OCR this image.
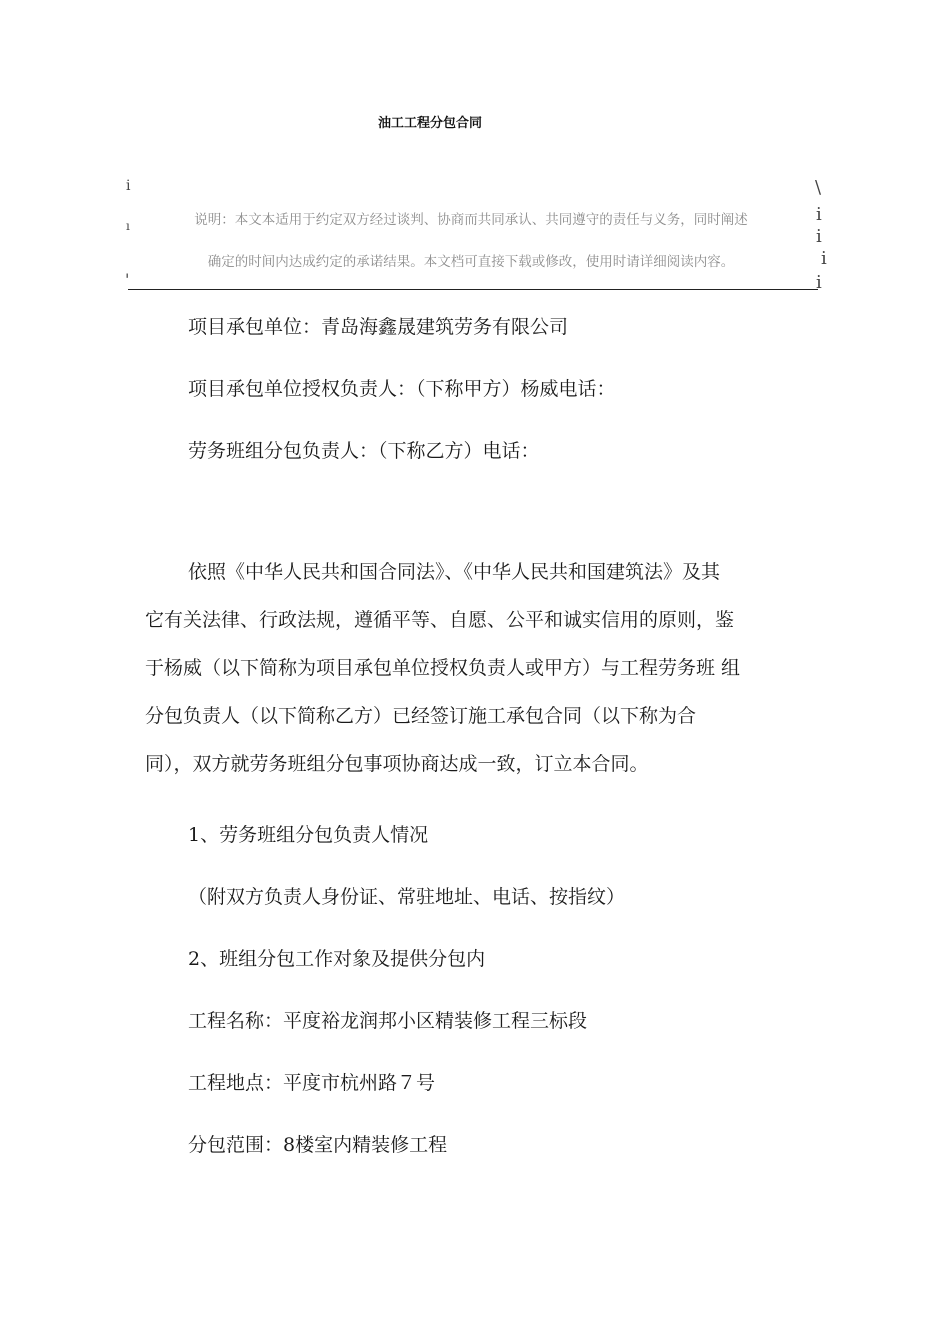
油工工程分包合同
说明：本文本适用于约定双方经过谈判、协商而共同承认、共同遵守的责任与义务，同时阐述
确定的时间内达成约定的承诺结果。本文档可直接下载或修改，使用时请详细阅读内容。
i
ı
'
\
i
i
i
i
项目承包单位：青岛海鑫晟建筑劳务有限公司
项目承包单位授权负责人：（下称甲方）杨威电话：
劳务班组分包负责人：（下称乙方）电话：
依照《中华人民共和国合同法》、《中华人民共和国建筑法》及其
它有关法律、行政法规，遵循平等、自愿、公平和诚实信用的原则，鉴
于杨威（以下简称为项目承包单位授权负责人或甲方）与工程劳务班 组
分包负责人（以下简称乙方）已经签订施工承包合同（以下称为合
同），双方就劳务班组分包事项协商达成一致，订立本合同。
1、劳务班组分包负责人情况
（附双方负责人身份证、常驻地址、电话、按指纹）
2、班组分包工作对象及提供分包内
工程名称：平度裕龙润邦小区精装修工程三标段
工程地点：平度市杭州路７号
分包范围：8楼室内精装修工程
